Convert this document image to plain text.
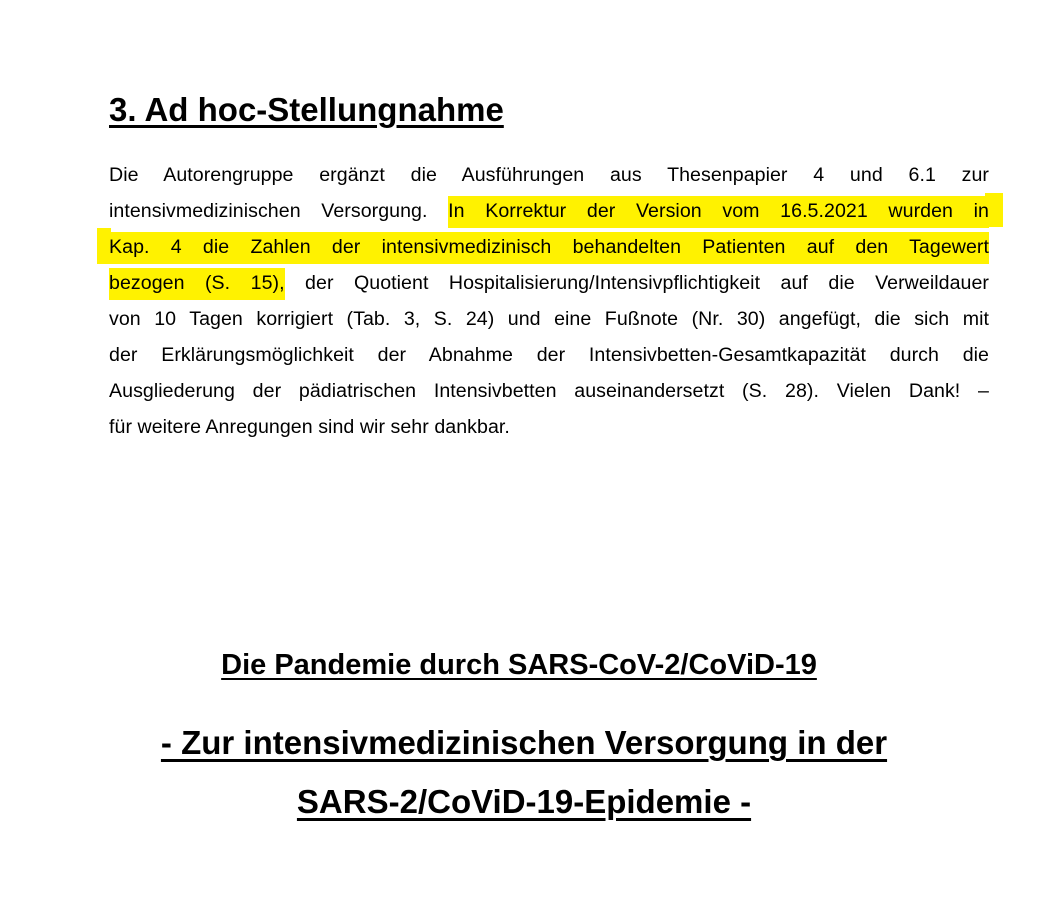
3. Ad hoc-Stellungnahme

Die Autorengruppe ergänzt die Ausführungen aus Thesenpapier 4 und 6.1 zur
intensivmedizinischen Versorgung. In Korrektur der Version vom 16.5.2021 wurden in
Kap. 4 die Zahlen der intensivmedizinisch behandelten Patienten auf den Tagewert
bezogen (S. 15), der Quotient Hospitalisierung/Intensivpflichtigkeit auf die Verweildauer
von 10 Tagen korrigiert (Tab. 3, S. 24) und eine Fußnote (Nr. 30) angefügt, die sich mit
der Erklärungsmöglichkeit der Abnahme der Intensivbetten-Gesamtkapazität durch die
Ausgliederung der pädiatrischen Intensivbetten auseinandersetzt (S. 28). Vielen Dank! –
für weitere Anregungen sind wir sehr dankbar.

Die Pandemie durch SARS-CoV-2/CoViD-19
- Zur intensivmedizinischen Versorgung in der
SARS-2/CoViD-19-Epidemie -
